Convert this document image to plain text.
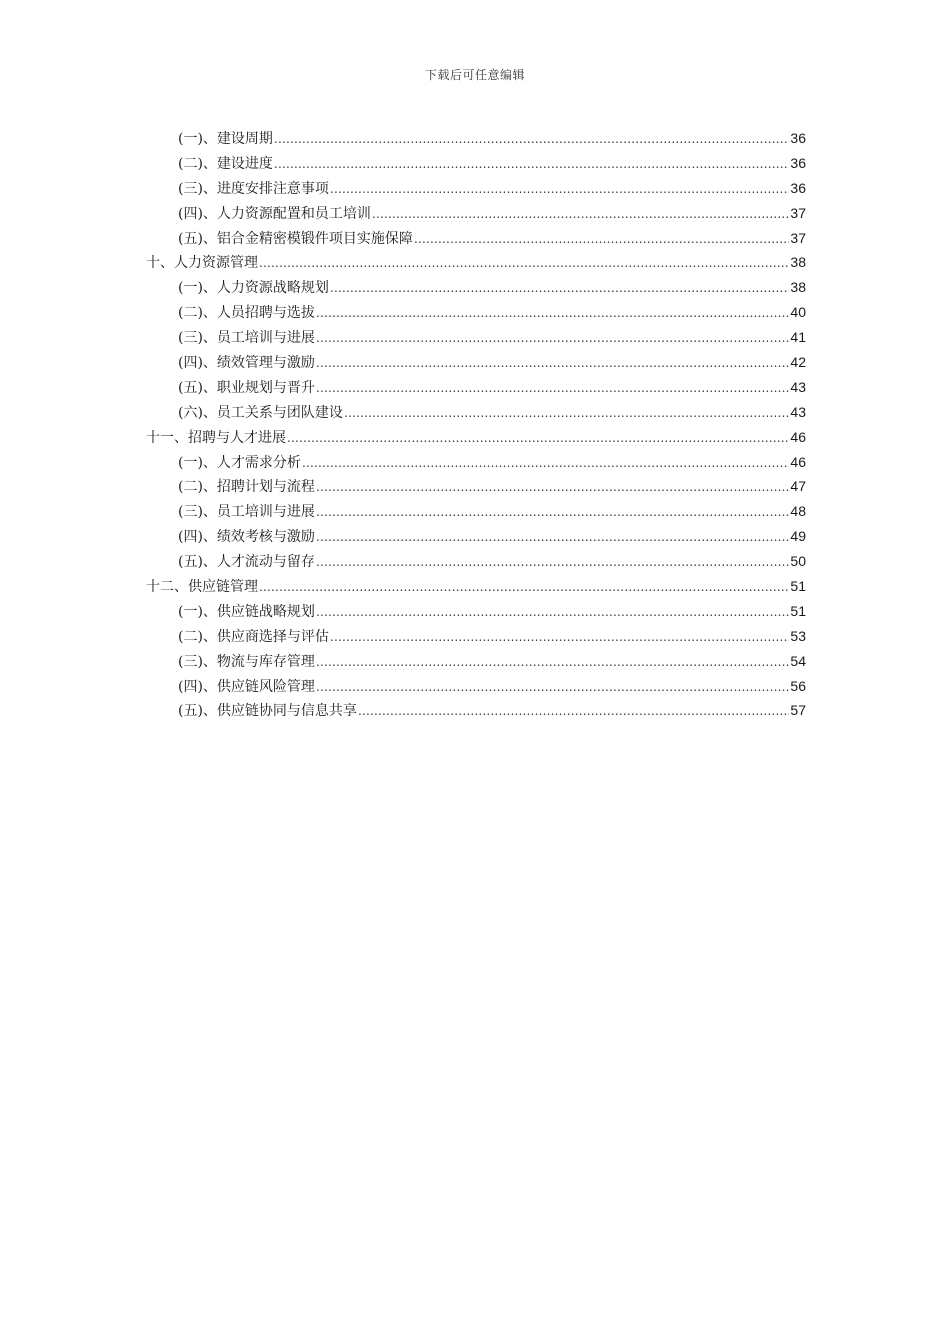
下载后可任意编辑
(一)、建设周期 .....	36
(二)、建设进度 .....	36
(三)、进度安排注意事项 .....	36
(四)、人力资源配置和员工培训 .....	37
(五)、铝合金精密模锻件项目实施保障 .....	37
十、人力资源管理 .....	38
(一)、人力资源战略规划 .....	38
(二)、人员招聘与选拔 .....	40
(三)、员工培训与进展 .....	41
(四)、绩效管理与激励 .....	42
(五)、职业规划与晋升 .....	43
(六)、员工关系与团队建设 .....	43
十一、招聘与人才进展 .....	46
(一)、人才需求分析 .....	46
(二)、招聘计划与流程 .....	47
(三)、员工培训与进展 .....	48
(四)、绩效考核与激励 .....	49
(五)、人才流动与留存 .....	50
十二、供应链管理 .....	51
(一)、供应链战略规划 .....	51
(二)、供应商选择与评估 .....	53
(三)、物流与库存管理 .....	54
(四)、供应链风险管理 .....	56
(五)、供应链协同与信息共享 .....	57
